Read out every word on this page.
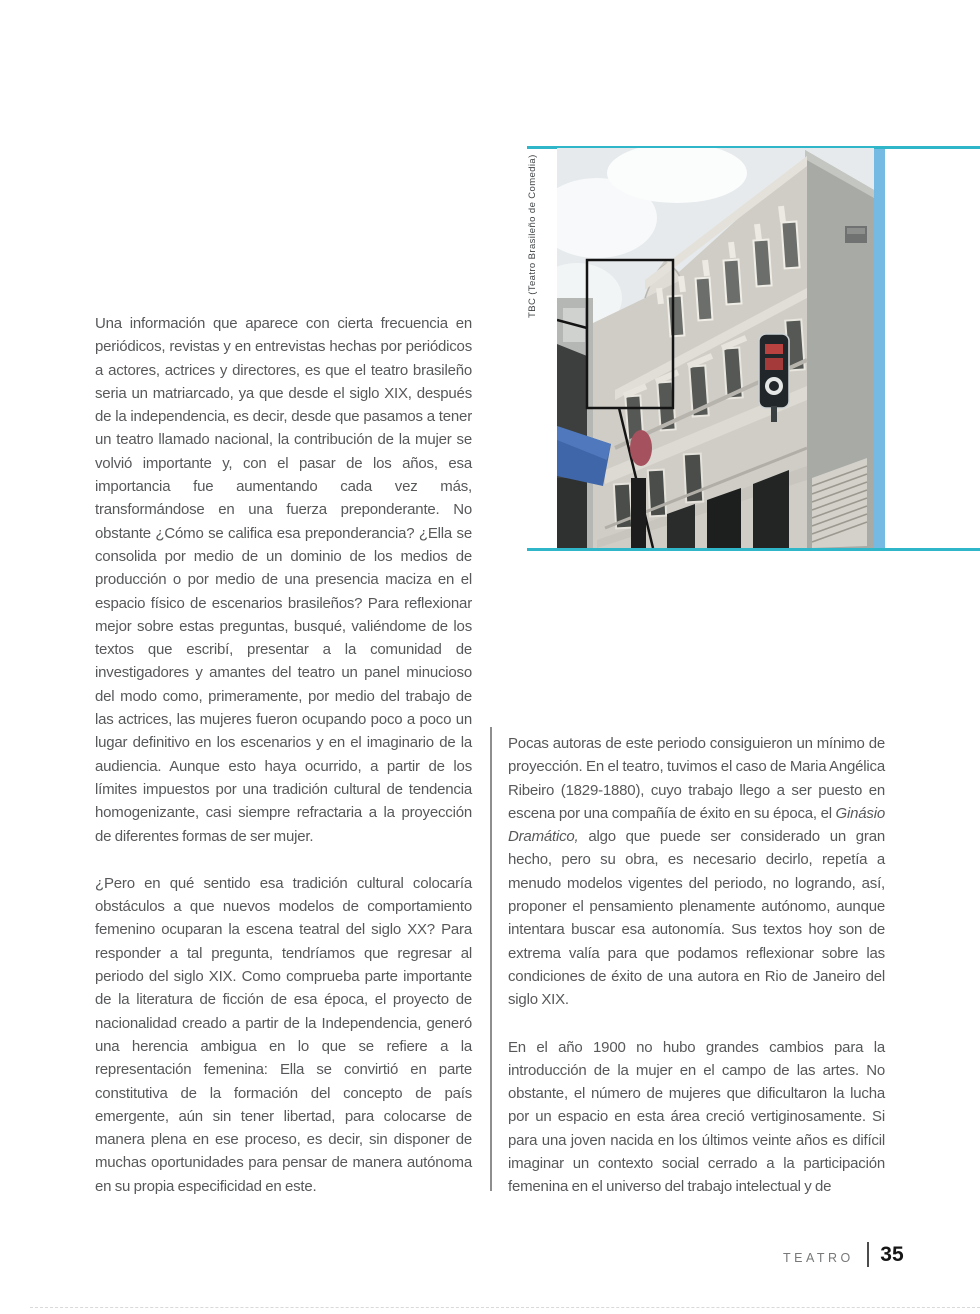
TBC (Teatro Brasileño de Comedia)

Una información que aparece con cierta frecuencia en periódicos, revistas y en entrevistas hechas por periódicos a actores, actrices y directores, es que el teatro brasileño seria un matriarcado, ya que desde el siglo XIX, después de la independencia, es decir, desde que pasamos a tener un teatro llamado nacional, la contribución de la mujer se volvió importante y, con el pasar de los años, esa importancia fue aumentando cada vez más, transformándose en una fuerza preponderante. No obstante ¿Cómo se califica esa preponderancia? ¿Ella se consolida por medio de un dominio de los medios de producción o por medio de una presencia maciza en el espacio físico de escenarios brasileños? Para reflexionar mejor sobre estas preguntas, busqué, valiéndome de los textos que escribí, presentar a la comunidad de investigadores y amantes del teatro un panel minucioso del modo como, primeramente, por medio del trabajo de las actrices, las mujeres fueron ocupando poco a poco un lugar definitivo en los escenarios y en el imaginario de la audiencia. Aunque esto haya ocurrido, a partir de los límites impuestos por una tradición cultural de tendencia homogenizante, casi siempre refractaria a la proyección de diferentes formas de ser mujer.

¿Pero en qué sentido esa tradición cultural colocaría obstáculos a que nuevos modelos de comportamiento femenino ocuparan la escena teatral del siglo XX? Para responder a tal pregunta, tendríamos que regresar al periodo del siglo XIX. Como comprueba parte importante de la literatura de ficción de esa época, el proyecto de nacionalidad creado a partir de la Independencia, generó una herencia ambigua en lo que se refiere a la representación femenina: Ella se convirtió en parte constitutiva de la formación del concepto de país emergente, aún sin tener libertad, para colocarse de manera plena en ese proceso, es decir, sin disponer de muchas oportunidades para pensar de manera autónoma en su propia especificidad en este.

Pocas autoras de este periodo consiguieron un mínimo de proyección. En el teatro, tuvimos el caso de Maria Angélica Ribeiro (1829-1880), cuyo trabajo llego a ser puesto en escena por una compañía de éxito en su época, el Ginásio Dramático, algo que puede ser considerado un gran hecho, pero su obra, es necesario decirlo, repetía a menudo modelos vigentes del periodo, no logrando, así, proponer el pensamiento plenamente autónomo, aunque intentara buscar esa autonomía. Sus textos hoy son de extrema valía para que podamos reflexionar sobre las condiciones de éxito de una autora en Rio de Janeiro del siglo XIX.

En el año 1900 no hubo grandes cambios para la introducción de la mujer en el campo de las artes. No obstante, el número de mujeres que dificultaron la lucha por un espacio en esta área creció vertiginosamente. Si para una joven nacida en los últimos veinte años es difícil imaginar un contexto social cerrado a la participación femenina en el universo del trabajo intelectual y de

TEATRO 35
